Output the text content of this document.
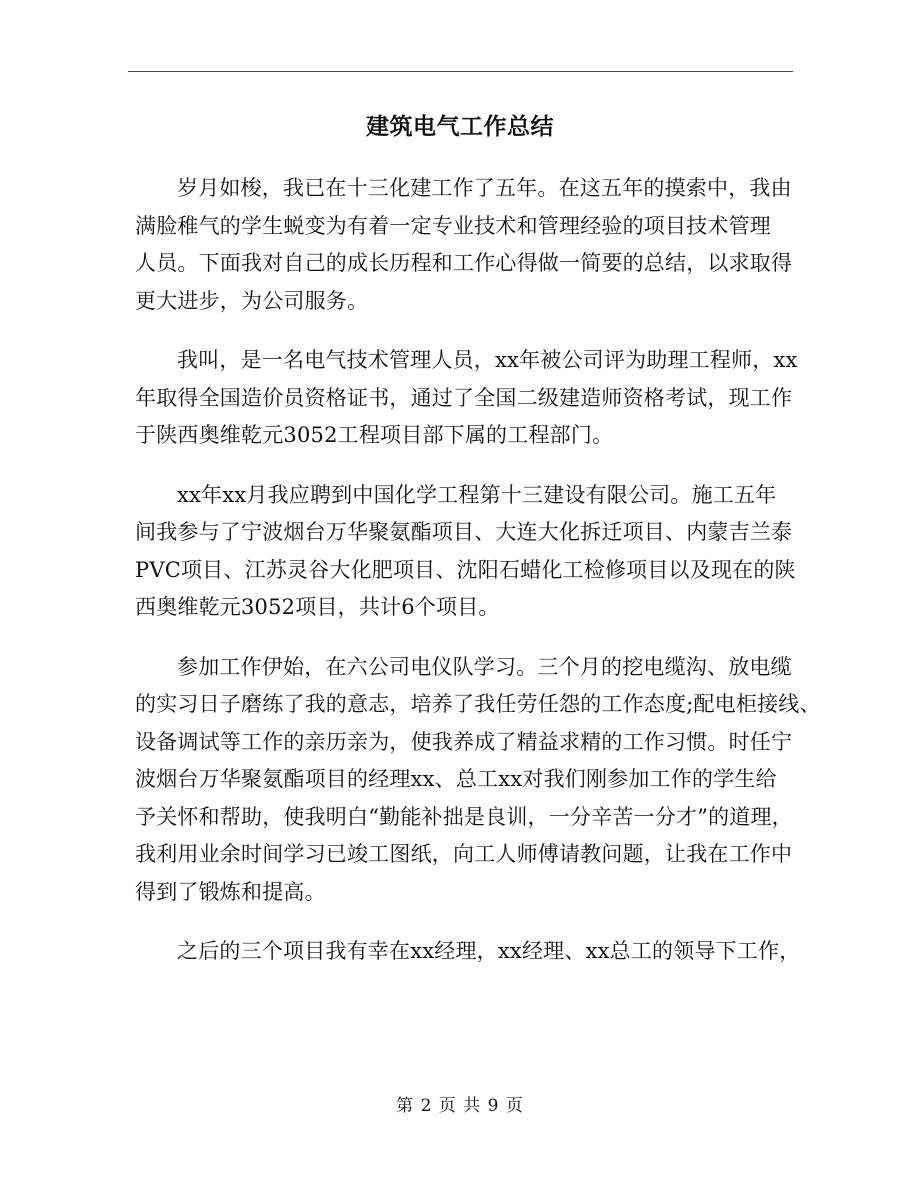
建筑电气工作总结
岁月如梭，我已在十三化建工作了五年。在这五年的摸索中，我由
满脸稚气的学生蜕变为有着一定专业技术和管理经验的项目技术管理
人员。下面我对自己的成长历程和工作心得做一简要的总结，以求取得
更大进步，为公司服务。
我叫，是一名电气技术管理人员，xx年被公司评为助理工程师，xx
年取得全国造价员资格证书，通过了全国二级建造师资格考试，现工作
于陕西奥维乾元3052工程项目部下属的工程部门。
xx年xx月我应聘到中国化学工程第十三建设有限公司。施工五年
间我参与了宁波烟台万华聚氨酯项目、大连大化拆迁项目、内蒙吉兰泰
PVC项目、江苏灵谷大化肥项目、沈阳石蜡化工检修项目以及现在的陕
西奥维乾元3052项目，共计6个项目。
参加工作伊始，在六公司电仪队学习。三个月的挖电缆沟、放电缆
的实习日子磨练了我的意志，培养了我任劳任怨的工作态度;配电柜接线、
设备调试等工作的亲历亲为，使我养成了精益求精的工作习惯。时任宁
波烟台万华聚氨酯项目的经理xx、总工xx对我们刚参加工作的学生给
予关怀和帮助，使我明白“勤能补拙是良训，一分辛苦一分才”的道理，
我利用业余时间学习已竣工图纸，向工人师傅请教问题，让我在工作中
得到了锻炼和提高。
之后的三个项目我有幸在xx经理，xx经理、xx总工的领导下工作，
第 2 页 共 9 页
